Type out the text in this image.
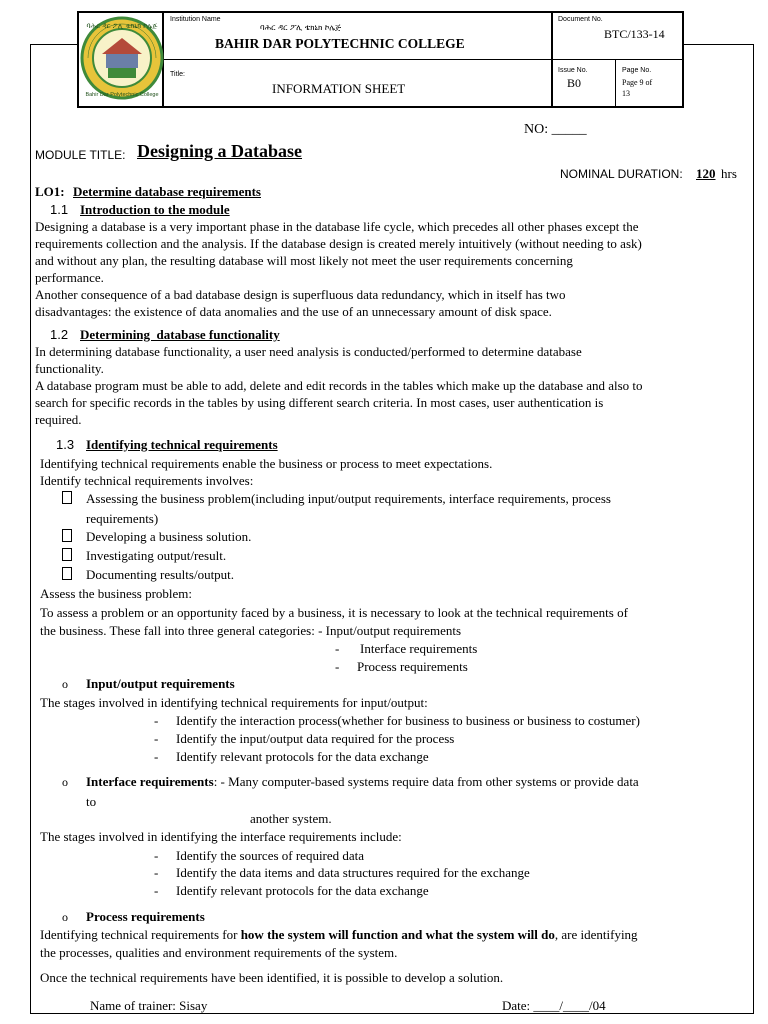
ባሕር ዳር ፖሊ ቴክኒክ ኮሌጅ
Bahir Dar Polytechnic College
Institution Name
ባሕር ዳር ፖሊ ቴክኒክ ኮሌጅ
BAHIR DAR POLYTECHNIC COLLEGE
Document No.
BTC/133-14
Title:
INFORMATION SHEET
Issue No.
B0
Page No.
Page 9 of
13
NO: _____
MODULE TITLE: Designing a Database
NOMINAL DURATION: 120 hrs
LO1: Determine database requirements
1.1 Introduction to the module
Designing a database is a very important phase in the database life cycle, which precedes all other phases except the
requirements collection and the analysis. If the database design is created merely intuitively (without needing to ask)
and without any plan, the resulting database will most likely not meet the user requirements concerning
performance.
Another consequence of a bad database design is superfluous data redundancy, which in itself has two
disadvantages: the existence of data anomalies and the use of an unnecessary amount of disk space.
1.2 Determining  database functionality
In determining database functionality, a user need analysis is conducted/performed to determine database
functionality.
A database program must be able to add, delete and edit records in the tables which make up the database and also to
search for specific records in the tables by using different search criteria. In most cases, user authentication is
required.
1.3 Identifying technical requirements
Identifying technical requirements enable the business or process to meet expectations.
Identify technical requirements involves:
Assessing the business problem(including input/output requirements, interface requirements, process
requirements)
Developing a business solution.
Investigating output/result.
Documenting results/output.
Assess the business problem:
To assess a problem or an opportunity faced by a business, it is necessary to look at the technical requirements of
the business. These fall into three general categories: - Input/output requirements
- Interface requirements
- Process requirements
o Input/output requirements
The stages involved in identifying technical requirements for input/output:
- Identify the interaction process(whether for business to business or business to costumer)
- Identify the input/output data required for the process
- Identify relevant protocols for the data exchange
o Interface requirements: - Many computer-based systems require data from other systems or provide data
to
another system.
The stages involved in identifying the interface requirements include:
- Identify the sources of required data
- Identify the data items and data structures required for the exchange
- Identify relevant protocols for the data exchange
o Process requirements
Identifying technical requirements for how the system will function and what the system will do, are identifying
the processes, qualities and environment requirements of the system.
Once the technical requirements have been identified, it is possible to develop a solution.
Name of trainer: Sisay	Date: ____/____/04
